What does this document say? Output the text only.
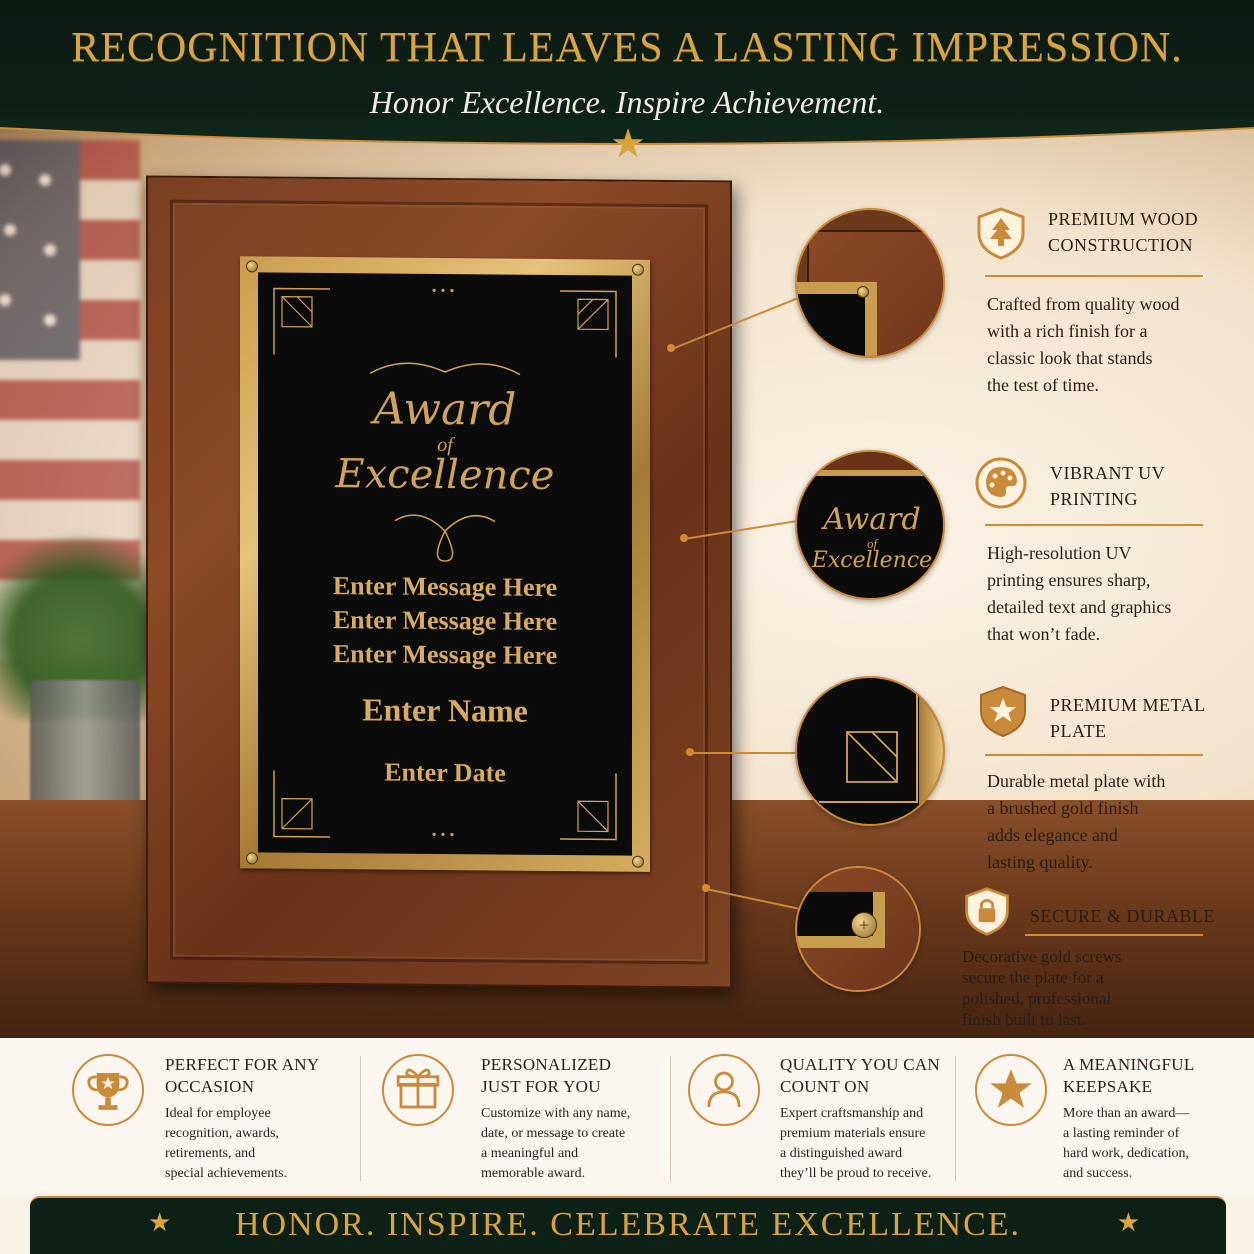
RECOGNITION THAT LEAVES A LASTING IMPRESSION.
Honor Excellence. Inspire Achievement.
★
•••
Award
of
Excellence
Enter Message Here
Enter Message Here
Enter Message Here
Enter Name
Enter Date
•••
Award
of
Excellence
+
PREMIUM WOOD
CONSTRUCTION
Crafted from quality wood
with a rich finish for a
classic look that stands
the test of time.
VIBRANT UV
PRINTING
High-resolution UV
printing ensures sharp,
detailed text and graphics
that won’t fade.
PREMIUM METAL
PLATE
Durable metal plate with
a brushed gold finish
adds elegance and
lasting quality.
SECURE & DURABLE
Decorative gold screws
secure the plate for a
polished, professional
finish built to last.
PERFECT FOR ANY
OCCASION
Ideal for employee
recognition, awards,
retirements, and
special achievements.
PERSONALIZED
JUST FOR YOU
Customize with any name,
date, or message to create
a meaningful and
memorable award.
QUALITY YOU CAN
COUNT ON
Expert craftsmanship and
premium materials ensure
a distinguished award
they’ll be proud to receive.
A MEANINGFUL
KEEPSAKE
More than an award—
a lasting reminder of
hard work, dedication,
and success.
★	HONOR. INSPIRE. CELEBRATE EXCELLENCE.	★
